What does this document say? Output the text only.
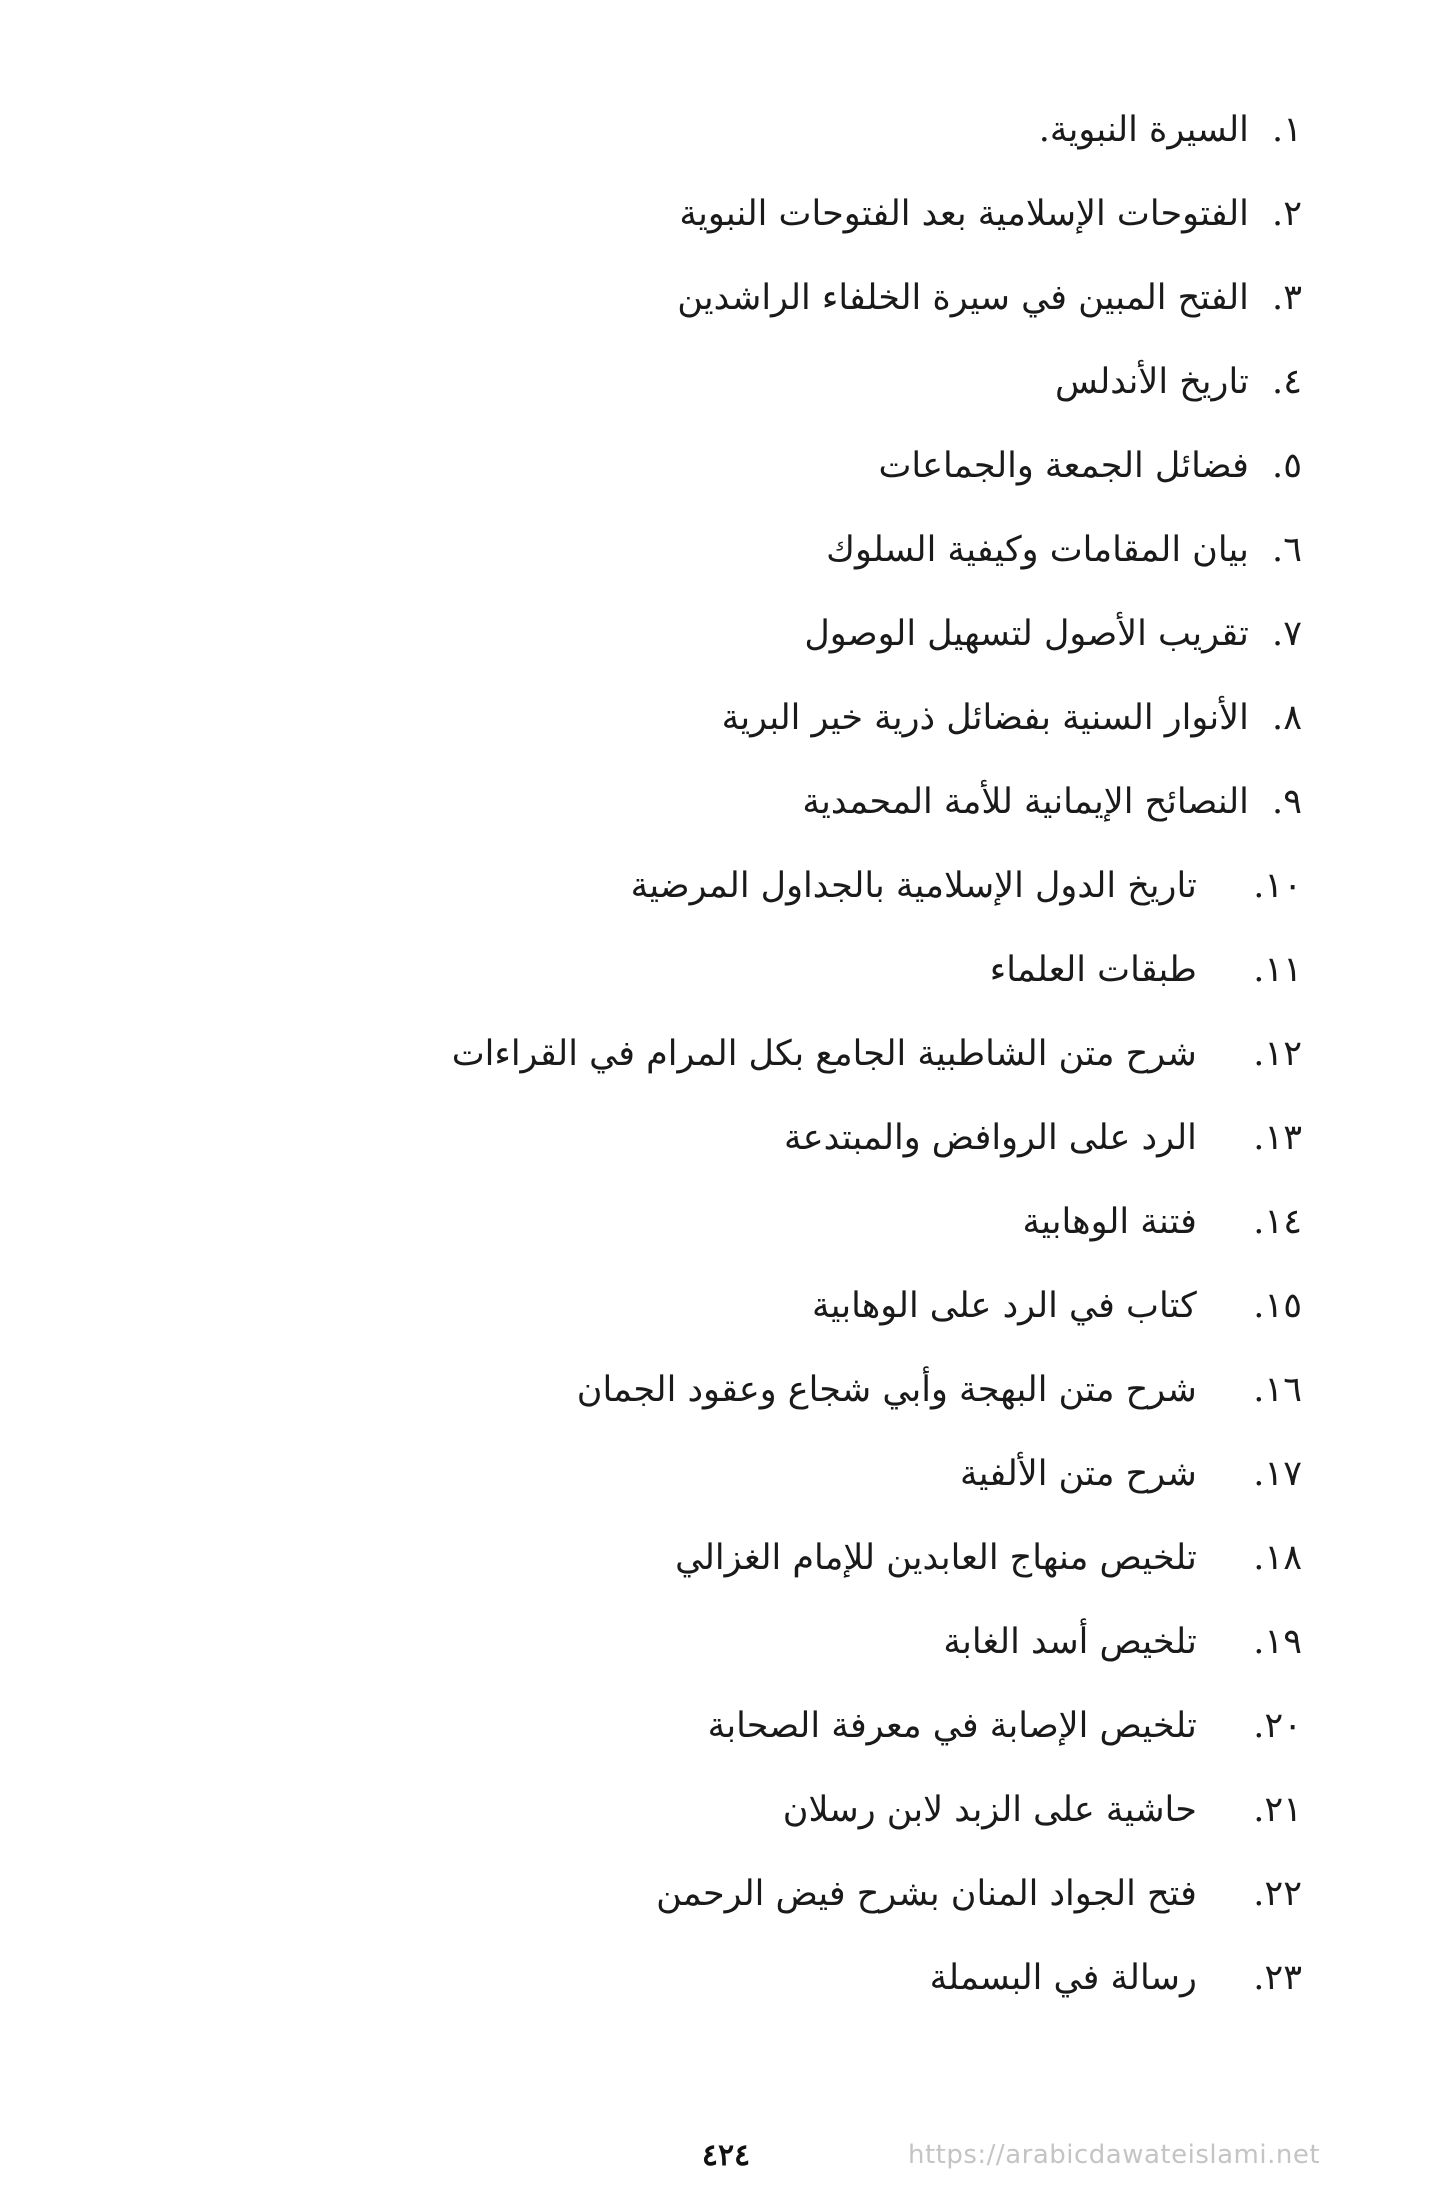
١. السيرة النبوية.
٢. الفتوحات الإسلامية بعد الفتوحات النبوية
٣. الفتح المبين في سيرة الخلفاء الراشدين
٤. تاريخ الأندلس
٥. فضائل الجمعة والجماعات
٦. بيان المقامات وكيفية السلوك
٧. تقريب الأصول لتسهيل الوصول
٨. الأنوار السنية بفضائل ذرية خير البرية
٩. النصائح الإيمانية للأمة المحمدية
١٠. تاريخ الدول الإسلامية بالجداول المرضية
١١. طبقات العلماء
١٢. شرح متن الشاطبية الجامع بكل المرام في القراءات
١٣. الرد على الروافض والمبتدعة
١٤. فتنة الوهابية
١٥. كتاب في الرد على الوهابية
١٦. شرح متن البهجة وأبي شجاع وعقود الجمان
١٧. شرح متن الألفية
١٨. تلخيص منهاج العابدين للإمام الغزالي
١٩. تلخيص أسد الغابة
٢٠. تلخيص الإصابة في معرفة الصحابة
٢١. حاشية على الزبد لابن رسلان
٢٢. فتح الجواد المنان بشرح فيض الرحمن
٢٣. رسالة في البسملة
٤٢٤	https://arabicdawateislami.net
